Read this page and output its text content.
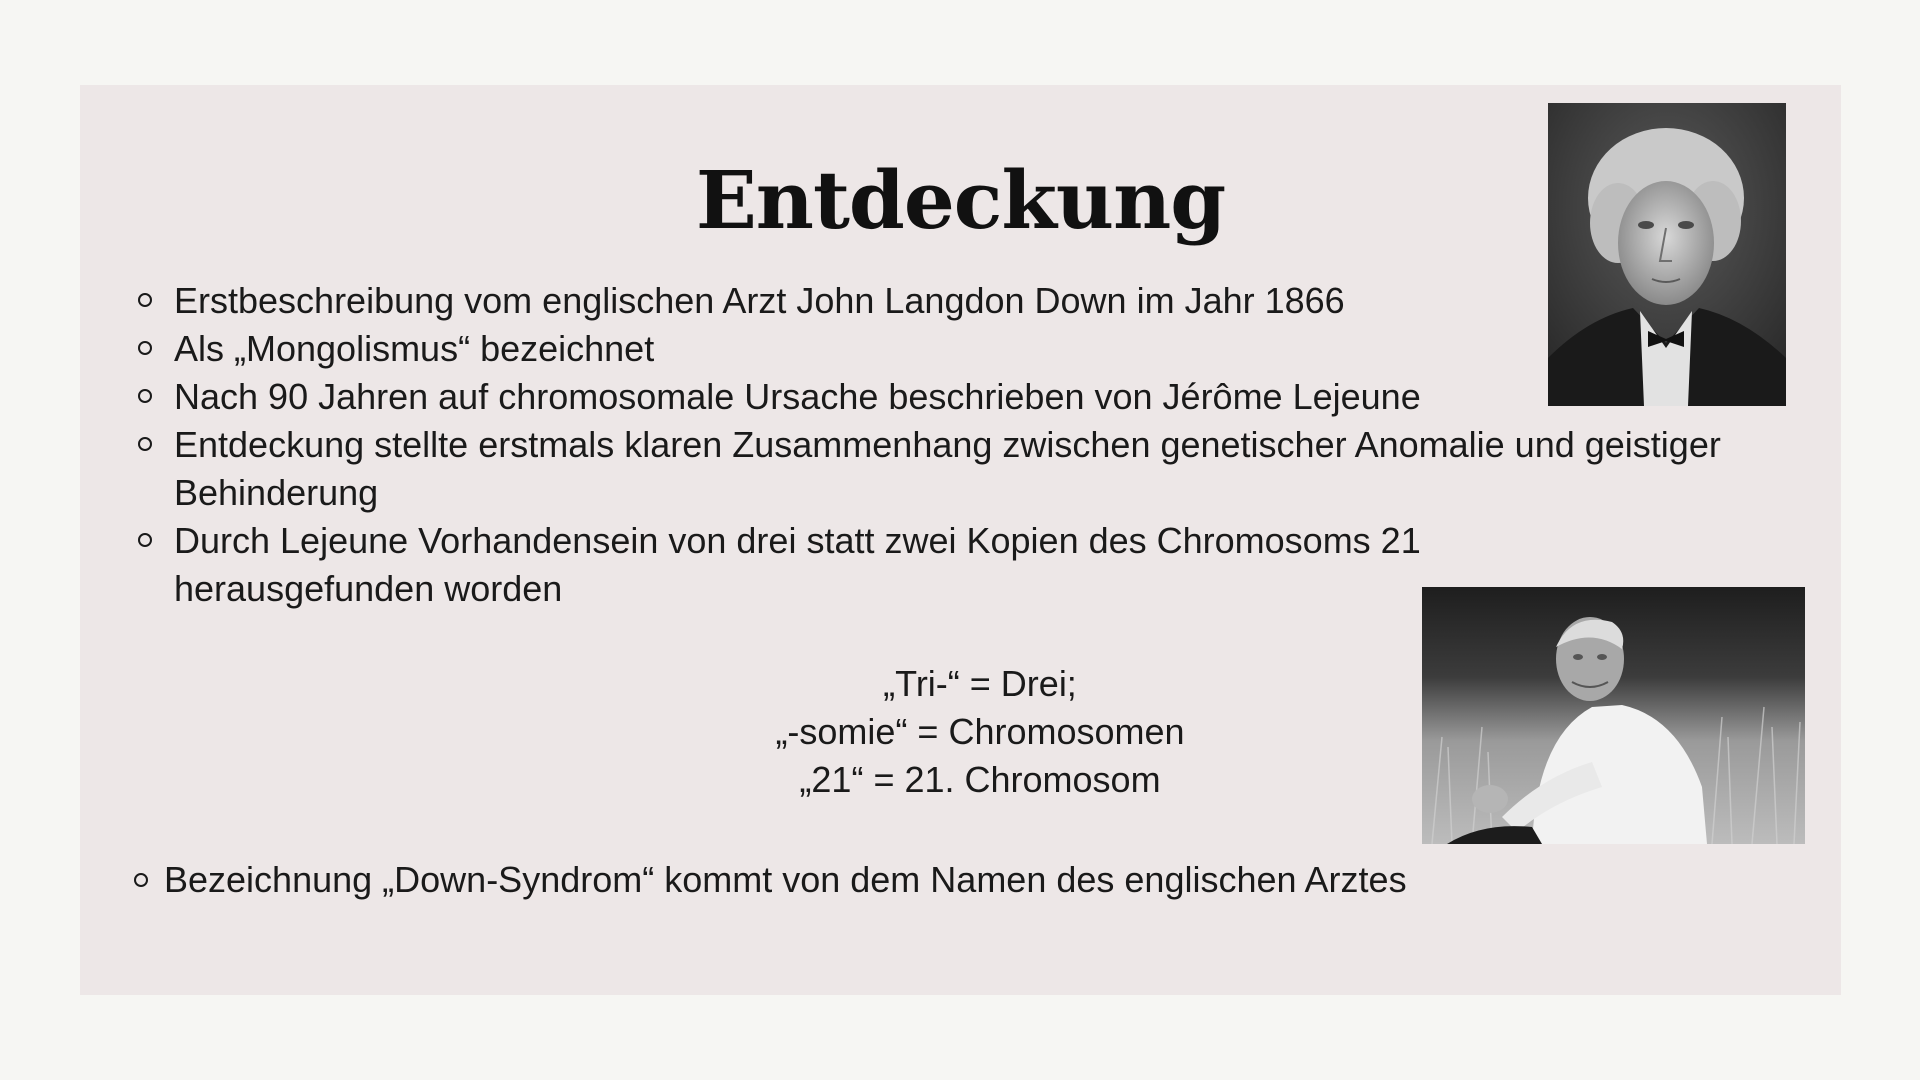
Entdeckung
Erstbeschreibung vom englischen Arzt John Langdon Down im Jahr 1866
Als „Mongolismus“ bezeichnet
Nach 90 Jahren auf chromosomale Ursache beschrieben von Jérôme Lejeune
Entdeckung stellte erstmals klaren Zusammenhang zwischen genetischer Anomalie und geistiger Behinderung
Durch Lejeune Vorhandensein von drei statt zwei Kopien des Chromosoms 21 herausgefunden worden
„Tri-“ = Drei;
„-somie“ = Chromosomen
„21“ = 21. Chromosom
Bezeichnung „Down-Syndrom“ kommt von dem Namen des englischen Arztes
